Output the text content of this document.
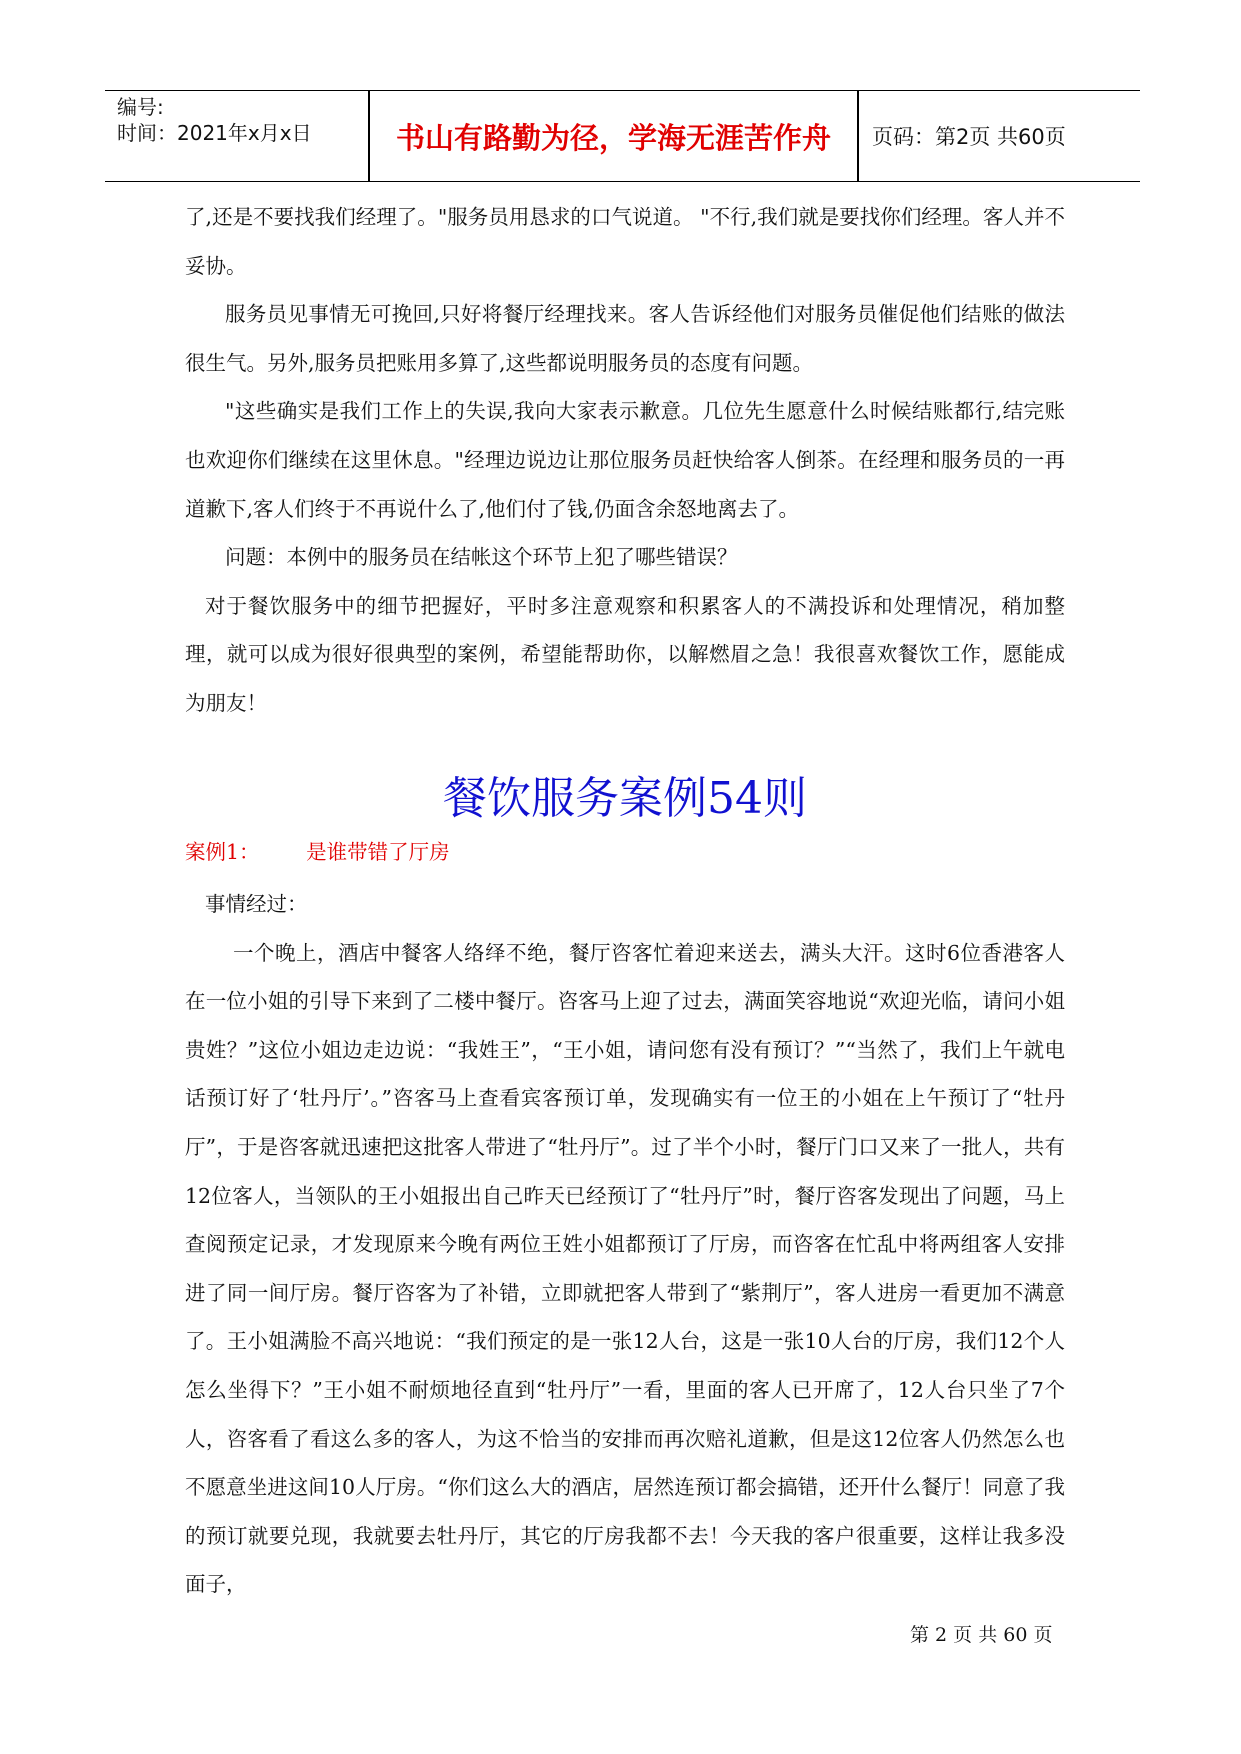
编号:
时间：2021年x月x日	书山有路勤为径，学海无涯苦作舟	页码：第2页 共60页

了,还是不要找我们经理了。"服务员用恳求的口气说道。 "不行,我们就是要找你们经理。客人并不妥协。

服务员见事情无可挽回,只好将餐厅经理找来。客人告诉经他们对服务员催促他们结账的做法很生气。另外,服务员把账用多算了,这些都说明服务员的态度有问题。

"这些确实是我们工作上的失误,我向大家表示歉意。几位先生愿意什么时候结账都行,结完账也欢迎你们继续在这里休息。"经理边说边让那位服务员赶快给客人倒茶。在经理和服务员的一再道歉下,客人们终于不再说什么了,他们付了钱,仍面含余怒地离去了。

问题：本例中的服务员在结帐这个环节上犯了哪些错误？

对于餐饮服务中的细节把握好，平时多注意观察和积累客人的不满投诉和处理情况，稍加整理，就可以成为很好很典型的案例，希望能帮助你，以解燃眉之急！我很喜欢餐饮工作，愿能成为朋友！

餐饮服务案例54则
案例1： 是谁带错了厅房

事情经过：

一个晚上，酒店中餐客人络绎不绝，餐厅咨客忙着迎来送去，满头大汗。这时6位香港客人在一位小姐的引导下来到了二楼中餐厅。咨客马上迎了过去，满面笑容地说“欢迎光临，请问小姐贵姓？”这位小姐边走边说：“我姓王”，“王小姐，请问您有没有预订？”“当然了，我们上午就电话预订好了‘牡丹厅’。”咨客马上查看宾客预订单，发现确实有一位王的小姐在上午预订了“牡丹厅”，于是咨客就迅速把这批客人带进了“牡丹厅”。过了半个小时，餐厅门口又来了一批人，共有12位客人，当领队的王小姐报出自己昨天已经预订了“牡丹厅”时，餐厅咨客发现出了问题，马上查阅预定记录，才发现原来今晚有两位王姓小姐都预订了厅房，而咨客在忙乱中将两组客人安排进了同一间厅房。餐厅咨客为了补错，立即就把客人带到了“紫荆厅”，客人进房一看更加不满意了。王小姐满脸不高兴地说：“我们预定的是一张12人台，这是一张10人台的厅房，我们12个人怎么坐得下？”王小姐不耐烦地径直到“牡丹厅”一看，里面的客人已开席了，12人台只坐了7个人，咨客看了看这么多的客人，为这不恰当的安排而再次赔礼道歉，但是这12位客人仍然怎么也不愿意坐进这间10人厅房。“你们这么大的酒店，居然连预订都会搞错，还开什么餐厅！同意了我的预订就要兑现，我就要去牡丹厅，其它的厅房我都不去！今天我的客户很重要，这样让我多没面子，

第 2 页 共 60 页
